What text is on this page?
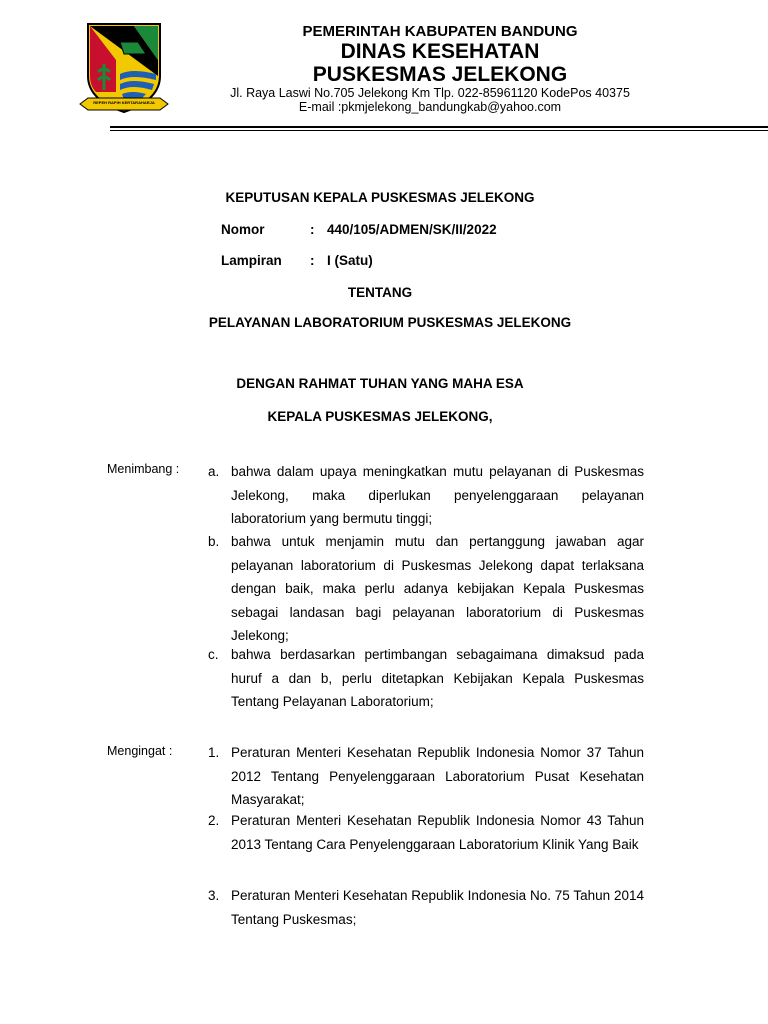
REPEH RAPIH KERTARAHARJA
PEMERINTAH KABUPATEN BANDUNG
DINAS KESEHATAN
PUSKESMAS JELEKONG
Jl. Raya Laswi No.705 Jelekong Km Tlp. 022-85961120 KodePos 40375
E-mail :pkmjelekong_bandungkab@yahoo.com
KEPUTUSAN KEPALA PUSKESMAS JELEKONG
Nomor	: 440/105/ADMEN/SK/II/2022
Lampiran : I (Satu)
TENTANG
PELAYANAN LABORATORIUM PUSKESMAS JELEKONG
DENGAN RAHMAT TUHAN YANG MAHA ESA
KEPALA PUSKESMAS JELEKONG,
Menimbang : a. bahwa dalam upaya meningkatkan mutu pelayanan di Puskesmas Jelekong, maka diperlukan penyelenggaraan pelayanan laboratorium yang bermutu tinggi;
b. bahwa untuk menjamin mutu dan pertanggung jawaban agar pelayanan laboratorium di Puskesmas Jelekong dapat terlaksana dengan baik, maka perlu adanya kebijakan Kepala Puskesmas sebagai landasan bagi pelayanan laboratorium di Puskesmas Jelekong;
c. bahwa berdasarkan pertimbangan sebagaimana dimaksud pada huruf a dan b, perlu ditetapkan Kebijakan Kepala Puskesmas Tentang Pelayanan Laboratorium;
Mengingat :	1. Peraturan Menteri Kesehatan Republik Indonesia Nomor 37 Tahun 2012 Tentang Penyelenggaraan Laboratorium Pusat Kesehatan Masyarakat;
2. Peraturan Menteri Kesehatan Republik Indonesia Nomor 43 Tahun 2013 Tentang Cara Penyelenggaraan Laboratorium Klinik Yang Baik
3. Peraturan Menteri Kesehatan Republik Indonesia No. 75 Tahun 2014 Tentang Puskesmas;
